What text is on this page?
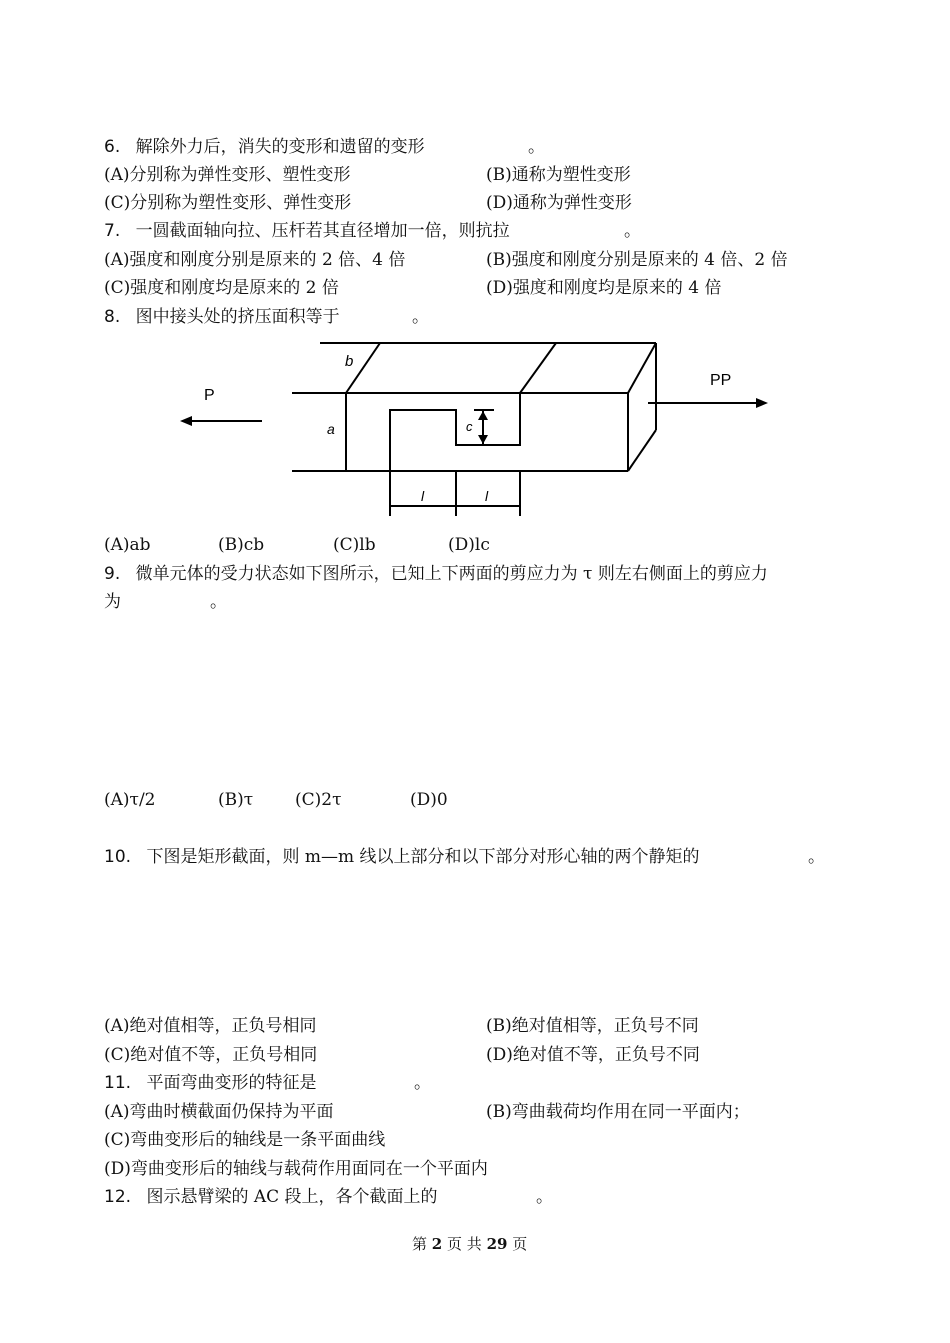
6. 解除外力后，消失的变形和遗留的变形	。
(A)分别称为弹性变形、塑性变形	(B)通称为塑性变形
(C)分别称为塑性变形、弹性变形	(D)通称为弹性变形
7. 一圆截面轴向拉、压杆若其直径增加一倍，则抗拉	。
(A)强度和刚度分别是原来的 2 倍、4 倍	(B)强度和刚度分别是原来的 4 倍、2 倍
(C)强度和刚度均是原来的 2 倍	(D)强度和刚度均是原来的 4 倍
8. 图中接头处的挤压面积等于	。
P
PP
b
a	c
l	l
(A)ab	(B)cb	(C)lb	(D)lc
9. 微单元体的受力状态如下图所示，已知上下两面的剪应力为 τ 则左右侧面上的剪应力
为	。
(A)τ/2	(B)τ (C)2τ	(D)0
10. 下图是矩形截面，则 m—m 线以上部分和以下部分对形心轴的两个静矩的	。
(A)绝对值相等，正负号相同	(B)绝对值相等，正负号不同
(C)绝对值不等，正负号相同	(D)绝对值不等，正负号不同
11. 平面弯曲变形的特征是	。
(A)弯曲时横截面仍保持为平面	(B)弯曲载荷均作用在同一平面内；
(C)弯曲变形后的轴线是一条平面曲线
(D)弯曲变形后的轴线与载荷作用面同在一个平面内
12. 图示悬臂梁的 AC 段上，各个截面上的	。
第 2 页 共 29 页
